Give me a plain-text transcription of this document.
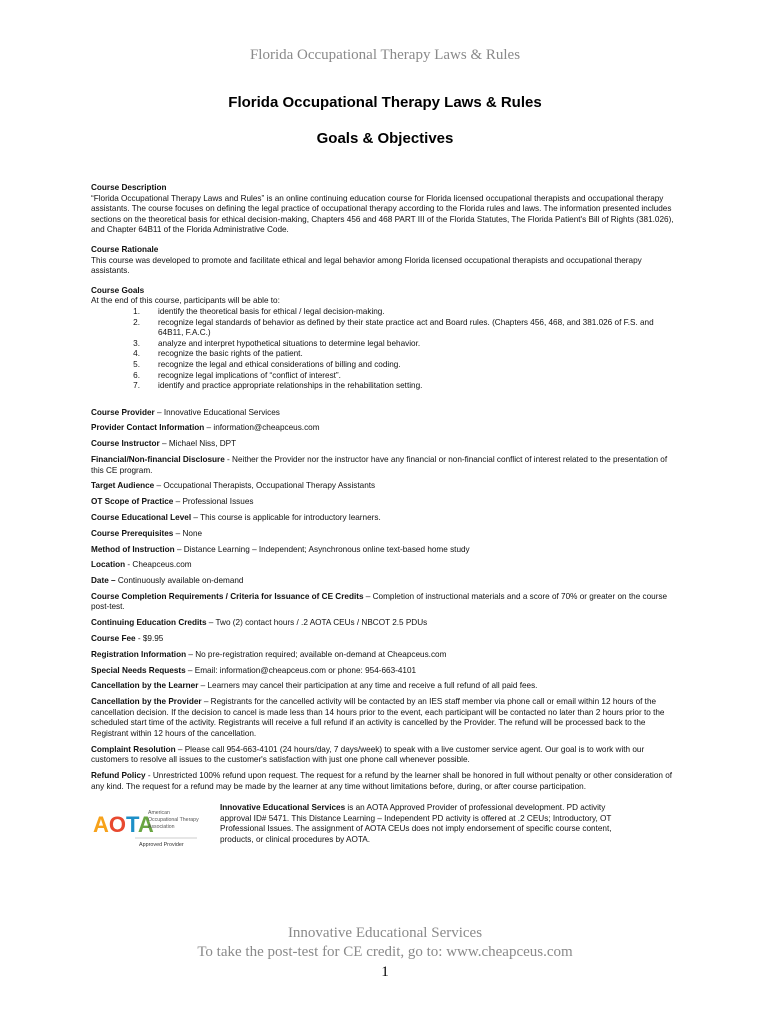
Florida Occupational Therapy Laws & Rules
Florida Occupational Therapy Laws & Rules
Goals & Objectives
Course Description
“Florida Occupational Therapy Laws and Rules” is an online continuing education course for Florida licensed occupational therapists and occupational therapy assistants. The course focuses on defining the legal practice of occupational therapy according to the Florida rules and laws. The information presented includes sections on the theoretical basis for ethical decision-making, Chapters 456 and 468 PART III of the Florida Statutes, The Florida Patient's Bill of Rights (381.026), and Chapter 64B11 of the Florida Administrative Code.
Course Rationale
This course was developed to promote and facilitate ethical and legal behavior among Florida licensed occupational therapists and occupational therapy assistants.
Course Goals
At the end of this course, participants will be able to:
1.	identify the theoretical basis for ethical / legal decision-making.
2.	recognize legal standards of behavior as defined by their state practice act and Board rules. (Chapters 456, 468, and 381.026 of F.S. and 64B11, F.A.C.)
3.	analyze and interpret hypothetical situations to determine legal behavior.
4.	recognize the basic rights of the patient.
5.	recognize the legal and ethical considerations of billing and coding.
6.	recognize legal implications of “conflict of interest”.
7.	identify and practice appropriate relationships in the rehabilitation setting.
Course Provider – Innovative Educational Services
Provider Contact Information – information@cheapceus.com
Course Instructor – Michael Niss, DPT
Financial/Non-financial Disclosure - Neither the Provider nor the instructor have any financial or non-financial conflict of interest related to the presentation of this CE program.
Target Audience – Occupational Therapists, Occupational Therapy Assistants
OT Scope of Practice – Professional Issues
Course Educational Level – This course is applicable for introductory learners.
Course Prerequisites – None
Method of Instruction – Distance Learning – Independent; Asynchronous online text-based home study
Location - Cheapceus.com
Date – Continuously available on-demand
Course Completion Requirements / Criteria for Issuance of CE Credits – Completion of instructional materials and a score of 70% or greater on the course post-test.
Continuing Education Credits – Two (2) contact hours / .2 AOTA CEUs / NBCOT 2.5 PDUs
Course Fee - $9.95
Registration Information – No pre-registration required; available on-demand at Cheapceus.com
Special Needs Requests – Email: information@cheapceus.com or phone: 954-663-4101
Cancellation by the Learner – Learners may cancel their participation at any time and receive a full refund of all paid fees.
Cancellation by the Provider – Registrants for the cancelled activity will be contacted by an IES staff member via phone call or email within 12 hours of the cancellation decision. If the decision to cancel is made less than 14 hours prior to the event, each participant will be contacted no later than 2 hours prior to the scheduled start time of the activity. Registrants will receive a full refund if an activity is cancelled by the Provider. The refund will be processed back to the Registrant within 12 hours of the cancellation.
Complaint Resolution – Please call 954-663-4101 (24 hours/day, 7 days/week) to speak with a live customer service agent. Our goal is to work with our customers to resolve all issues to the customer's satisfaction with just one phone call whenever possible.
Refund Policy - Unrestricted 100% refund upon request. The request for a refund by the learner shall be honored in full without penalty or other consideration of any kind. The request for a refund may be made by the learner at any time without limitations before, during, or after course participation.
AOTA
American
Occupational Therapy
Association
Approved Provider
Innovative Educational Services is an AOTA Approved Provider of professional development. PD activity approval ID# 5471. This Distance Learning – Independent PD activity is offered at .2 CEUs; Introductory, OT Professional Issues. The assignment of AOTA CEUs does not imply endorsement of specific course content, products, or clinical procedures by AOTA.
Innovative Educational Services
To take the post-test for CE credit, go to: www.cheapceus.com
1
